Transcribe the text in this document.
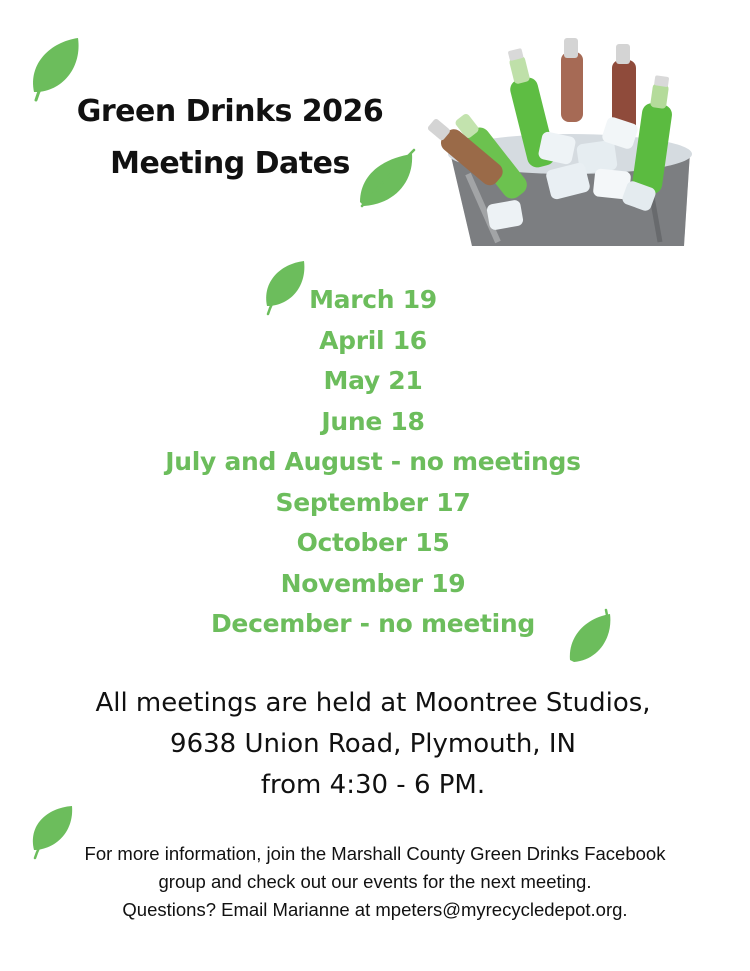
Green Drinks 2026
Meeting Dates
March 19
April 16
May 21
June 18
July and August - no meetings
September 17
October 15
November 19
December - no meeting
All meetings are held at Moontree Studios,
9638 Union Road, Plymouth, IN
from 4:30 - 6 PM.
For more information, join the Marshall County Green Drinks Facebook
group and check out our events for the next meeting.
Questions? Email Marianne at mpeters@myrecycledepot.org.
